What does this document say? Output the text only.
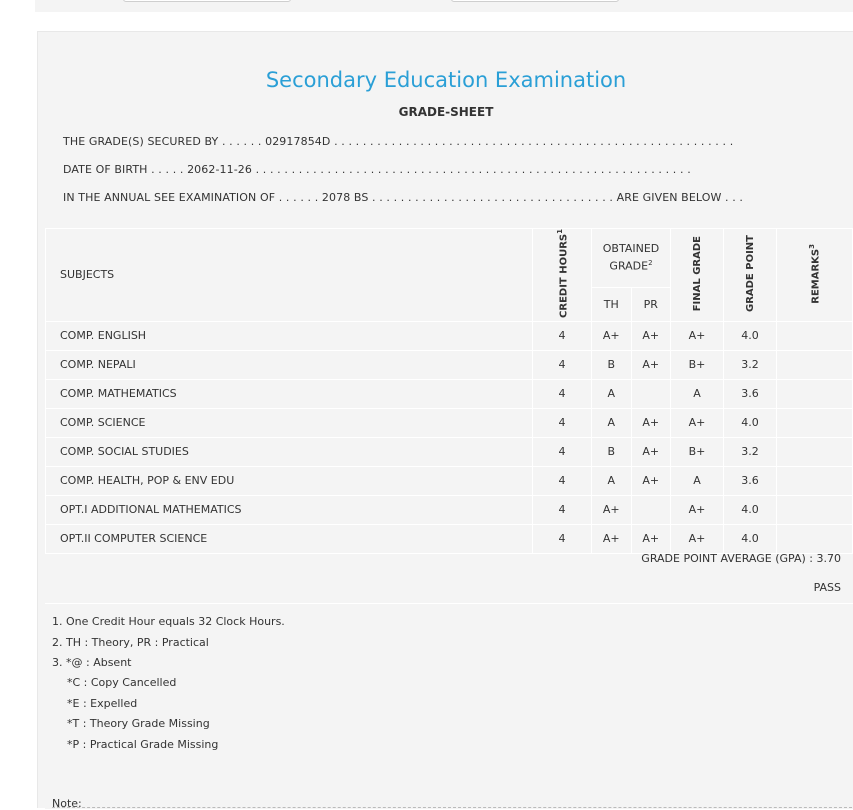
Secondary Education Examination
GRADE-SHEET
THE GRADE(S) SECURED BY . . . . . . 02917854D . . . . . . . . . . . . . . . . . . . . . . . . . . . . . . . . . . . . . . . . . . . . . . . . . . . . . . . .
DATE OF BIRTH . . . . . 2062-11-26 . . . . . . . . . . . . . . . . . . . . . . . . . . . . . . . . . . . . . . . . . . . . . . . . . . . . . . . . . . . . .
IN THE ANNUAL SEE EXAMINATION OF . . . . . . 2078 BS . . . . . . . . . . . . . . . . . . . . . . . . . . . . . . . . . . ARE GIVEN BELOW . . .
SUBJECTS	CREDIT HOURS$^1$	OBTAINED GRADE$^2$		FINAL GRADE	GRADE POINT	REMARKS$^3$
		TH	PR			
COMP. ENGLISH	4	A+	A+	A+	4.0	
COMP. NEPALI	4	B	A+	B+	3.2	
COMP. MATHEMATICS	4	A		A	3.6	
COMP. SCIENCE	4	A	A+	A+	4.0	
COMP. SOCIAL STUDIES	4	B	A+	B+	3.2	
COMP. HEALTH, POP & ENV EDU	4	A	A+	A	3.6	
OPT.I ADDITIONAL MATHEMATICS	4	A+		A+	4.0	
OPT.II COMPUTER SCIENCE	4	A+	A+	A+	4.0	
GRADE POINT AVERAGE (GPA) : 3.70
PASS
1. One Credit Hour equals 32 Clock Hours.
2. TH : Theory, PR : Practical
3. *@ : Absent
*C : Copy Cancelled
*E : Expelled
*T : Theory Grade Missing
*P : Practical Grade Missing
Note:
